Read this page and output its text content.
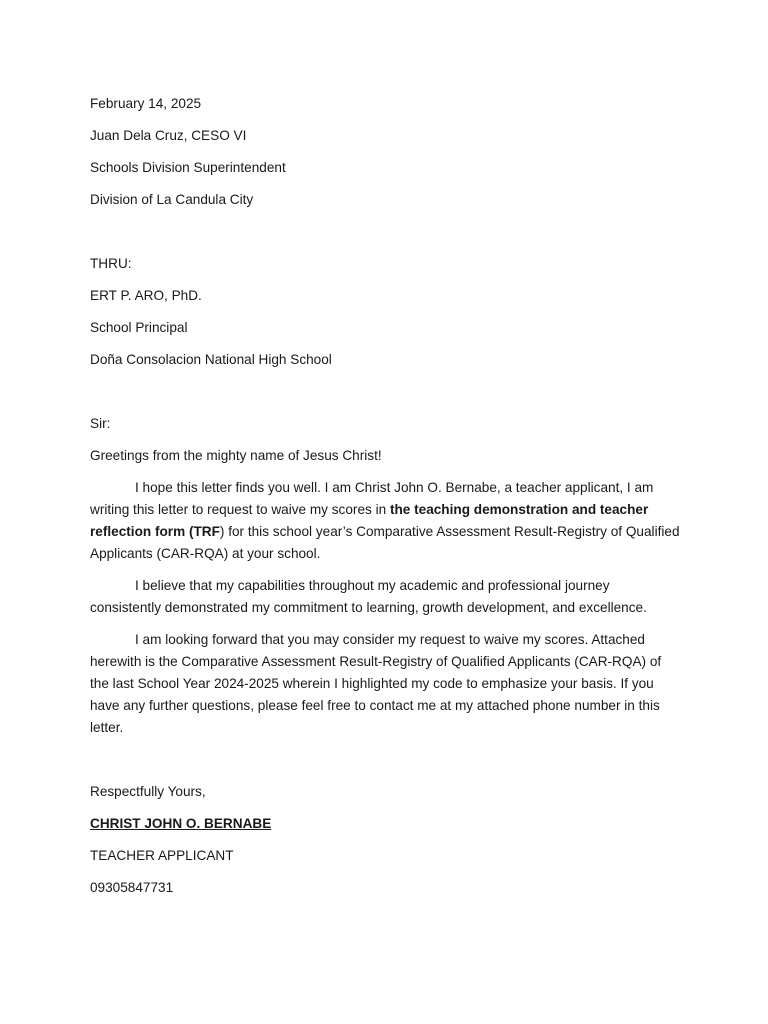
February 14, 2025
Juan Dela Cruz, CESO VI
Schools Division Superintendent
Division of La Candula City
THRU:
ERT P. ARO, PhD.
School Principal
Doña Consolacion National High School
Sir:
Greetings from the mighty name of Jesus Christ!

I hope this letter finds you well. I am Christ John O. Bernabe, a teacher applicant, I am writing this letter to request to waive my scores in the teaching demonstration and teacher reflection form (TRF) for this school year’s Comparative Assessment Result-Registry of Qualified Applicants (CAR-RQA) at your school.

I believe that my capabilities throughout my academic and professional journey consistently demonstrated my commitment to learning, growth development, and excellence.

I am looking forward that you may consider my request to waive my scores. Attached herewith is the Comparative Assessment Result-Registry of Qualified Applicants (CAR-RQA) of the last School Year 2024-2025 wherein I highlighted my code to emphasize your basis. If you have any further questions, please feel free to contact me at my attached phone number in this letter.

Respectfully Yours,
CHRIST JOHN O. BERNABE
TEACHER APPLICANT
09305847731
